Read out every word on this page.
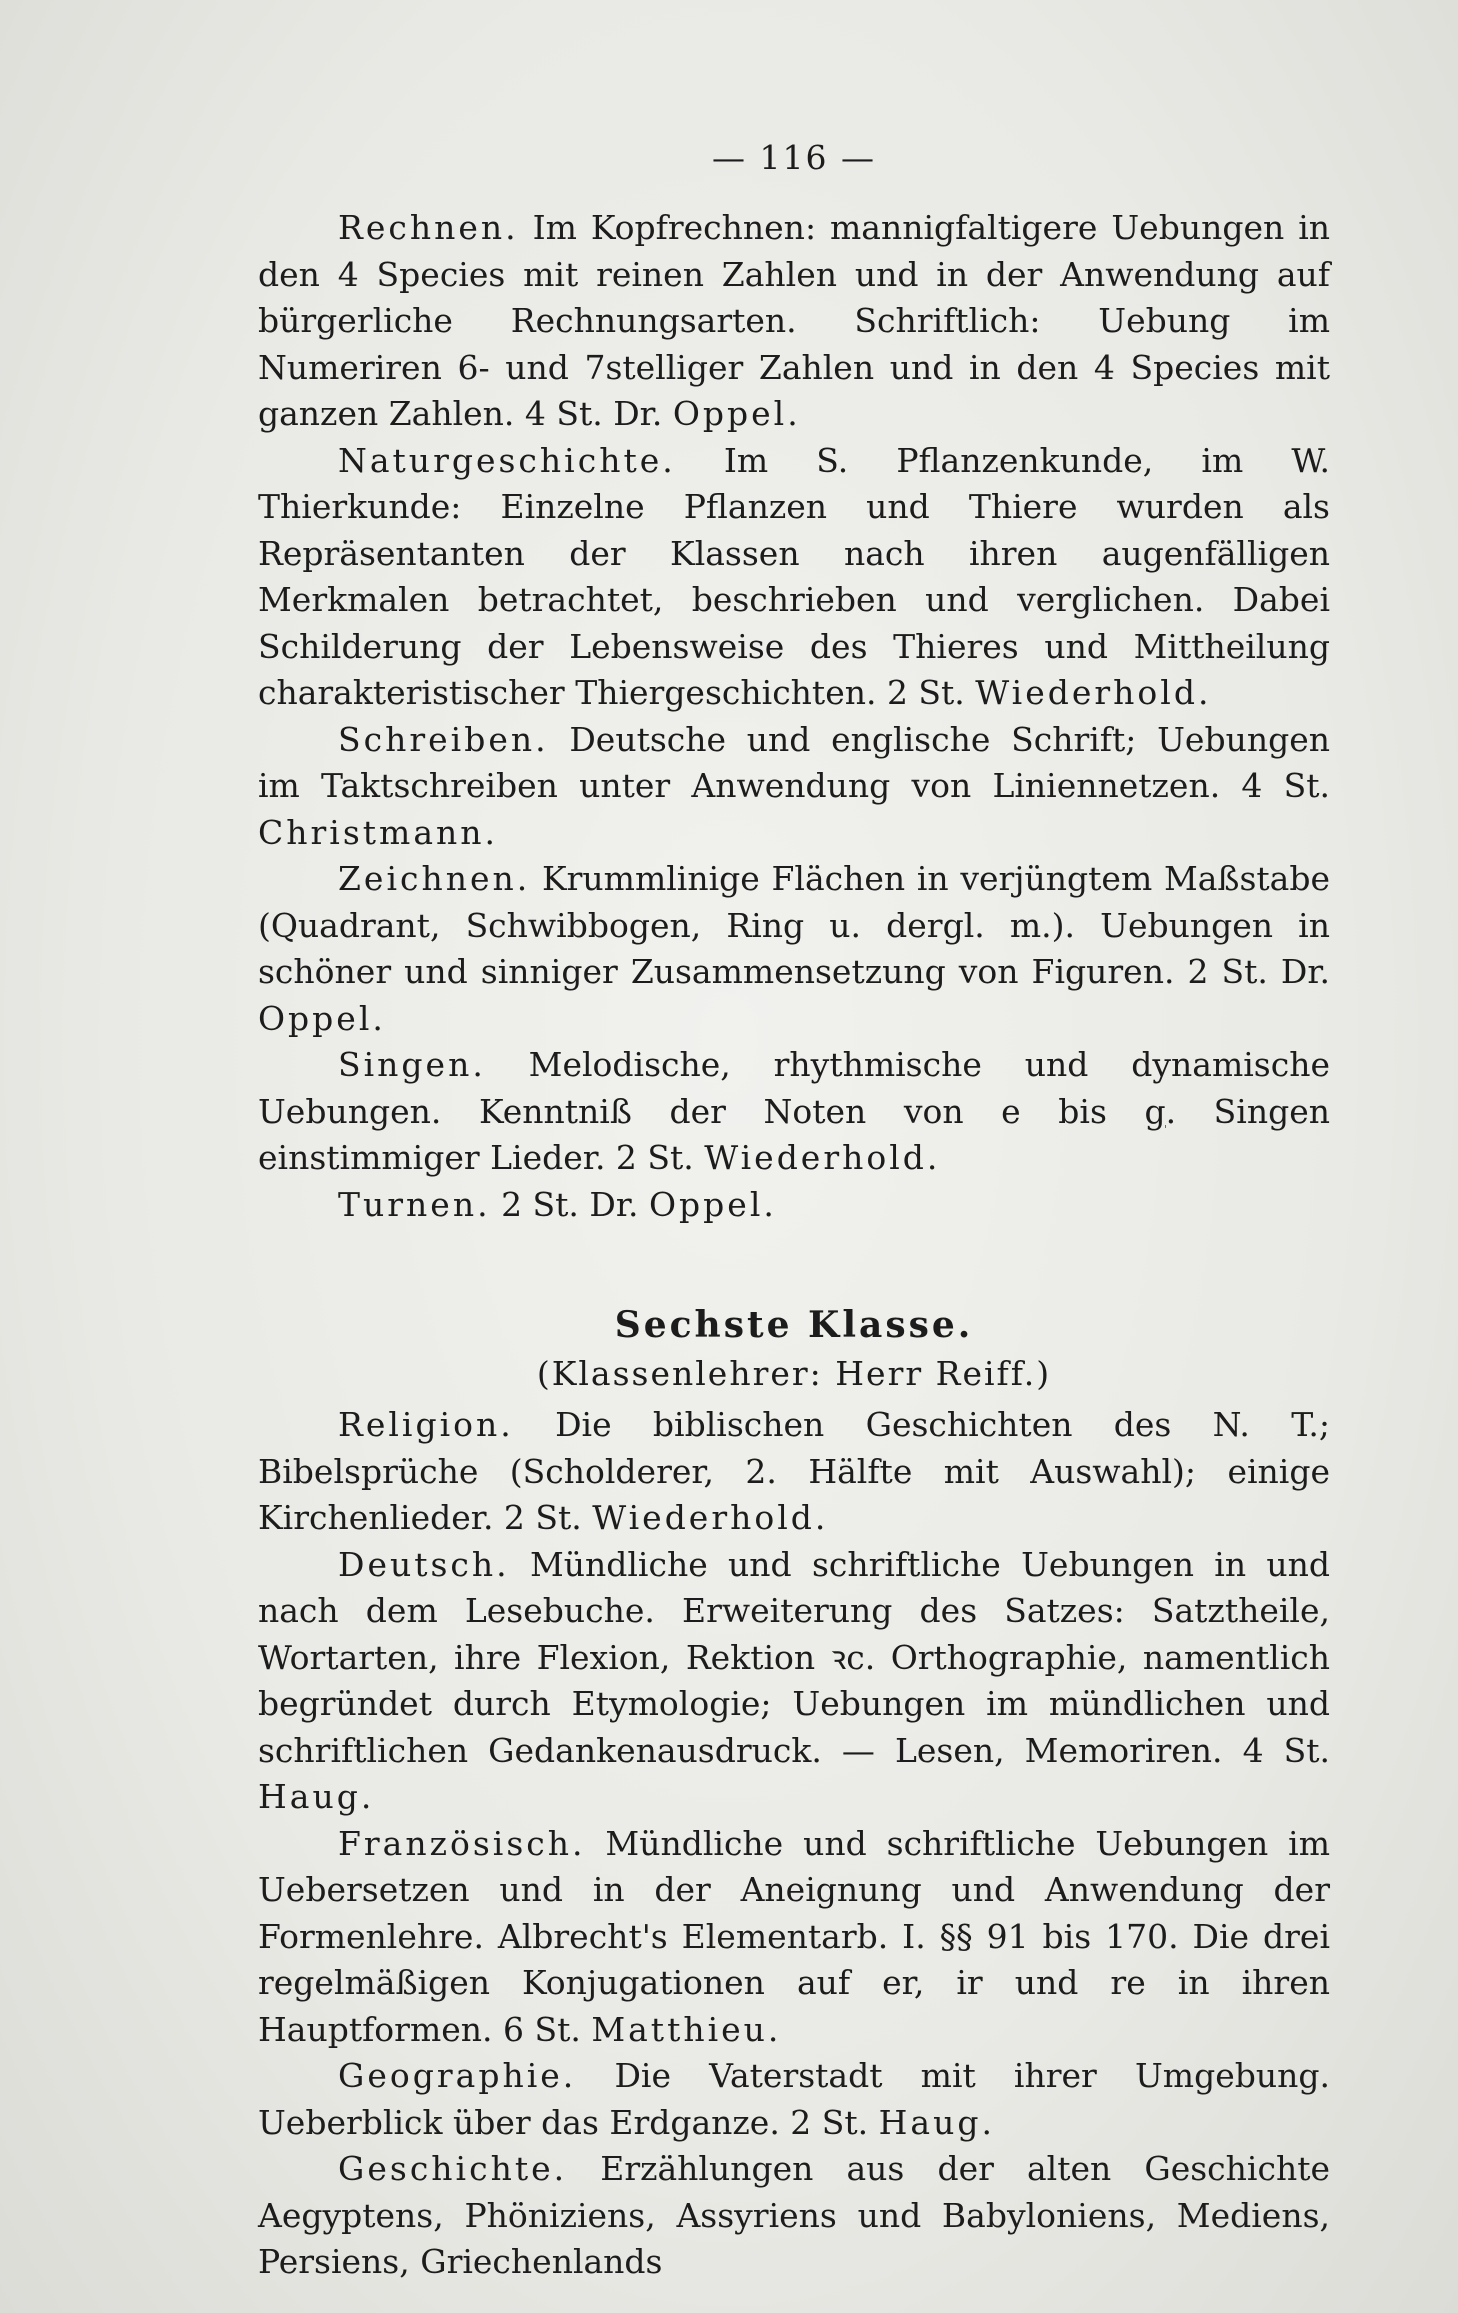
— 116 —

Rechnen. Im Kopfrechnen: mannigfaltigere Uebungen in den 4 Species mit reinen Zahlen und in der Anwendung auf bürgerliche Rechnungsarten. Schriftlich: Uebung im Numeriren 6- und 7stelliger Zahlen und in den 4 Species mit ganzen Zahlen. 4 St. Dr. Oppel.

Naturgeschichte. Im S. Pflanzenkunde, im W. Thierkunde: Einzelne Pflanzen und Thiere wurden als Repräsentanten der Klassen nach ihren augenfälligen Merkmalen betrachtet, beschrieben und verglichen. Dabei Schilderung der Lebensweise des Thieres und Mittheilung charakteristischer Thiergeschichten. 2 St. Wiederhold.

Schreiben. Deutsche und englische Schrift; Uebungen im Taktschreiben unter Anwendung von Liniennetzen. 4 St. Christmann.

Zeichnen. Krummlinige Flächen in verjüngtem Maßstabe (Quadrant, Schwibbogen, Ring u. dergl. m.). Uebungen in schöner und sinniger Zusammensetzung von Figuren. 2 St. Dr. Oppel.

Singen. Melodische, rhythmische und dynamische Uebungen. Kenntniß der Noten von e bis g. Singen einstimmiger Lieder. 2 St. Wiederhold.

Turnen. 2 St. Dr. Oppel.

Sechste Klasse.
(Klassenlehrer: Herr Reiff.)

Religion. Die biblischen Geschichten des N. T.; Bibelsprüche (Scholderer, 2. Hälfte mit Auswahl); einige Kirchenlieder. 2 St. Wiederhold.

Deutsch. Mündliche und schriftliche Uebungen in und nach dem Lesebuche. Erweiterung des Satzes: Satztheile, Wortarten, ihre Flexion, Rektion ꝛc. Orthographie, namentlich begründet durch Etymologie; Uebungen im mündlichen und schriftlichen Gedankenausdruck. — Lesen, Memoriren. 4 St. Haug.

Französisch. Mündliche und schriftliche Uebungen im Uebersetzen und in der Aneignung und Anwendung der Formenlehre. Albrecht's Elementarb. I. §§ 91 bis 170. Die drei regelmäßigen Konjugationen auf er, ir und re in ihren Hauptformen. 6 St. Matthieu.

Geographie. Die Vaterstadt mit ihrer Umgebung. Ueberblick über das Erdganze. 2 St. Haug.

Geschichte. Erzählungen aus der alten Geschichte Aegyptens, Phöniziens, Assyriens und Babyloniens, Mediens, Persiens, Griechenlands
